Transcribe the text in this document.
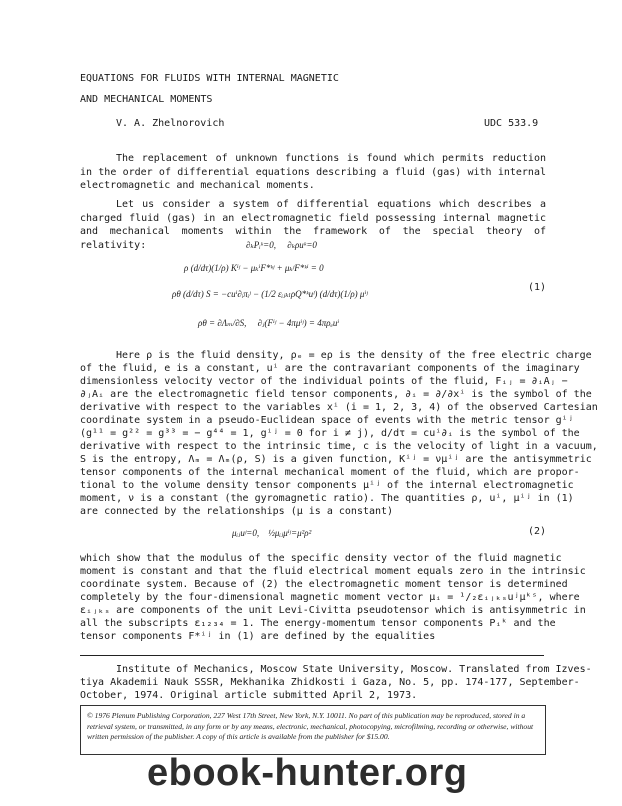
EQUATIONS FOR FLUIDS WITH INTERNAL MAGNETIC
AND MECHANICAL MOMENTS
V. A. Zhelnorovich	UDC 533.9
The replacement of unknown functions is found which permits reduction in the order of differential equations describing a fluid (gas) with internal electromagnetic and mechanical moments.
Let us consider a system of differential equations which describes a charged fluid (gas) in an electromagnetic field possessing internal magnetic and mechanical moments within the framework of the special theory of relativity:	∂ₖPᵢᵏ=0,     ∂ₖρuᵏ=0
ρ (d/dτ)(1/ρ) Kⁱʲ − μₖⁱF*ᵏʲ + μₖʲF*ᵏⁱ = 0
ρθ (d/dτ) S = −cuⁱ∂ᵢπᵢʲ − (1/2 εᵢⱼₖₗρQ*ᵏuˡ) (d/dτ)(1/ρ) μⁱʲ
ρθ = ∂Λₘ/∂S,     ∂ⱼ(Fⁱʲ − 4πμⁱʲ) = 4πρₑuⁱ
(1)
Here ρ is the fluid density, ρₑ = eρ is the density of the free electric charge
of the fluid, e is a constant, uⁱ are the contravariant components of the imaginary
dimensionless velocity vector of the individual points of the fluid, Fᵢⱼ = ∂ᵢAⱼ −
∂ⱼAᵢ are the electromagnetic field tensor components, ∂ᵢ = ∂/∂xⁱ is the symbol of the
derivative with respect to the variables xⁱ (i = 1, 2, 3, 4) of the observed Cartesian
coordinate system in a pseudo-Euclidean space of events with the metric tensor gⁱʲ
(g¹¹ = g²² = g³³ = − g⁴⁴ = 1, gⁱʲ = 0 for i ≠ j), d/dτ = cuⁱ∂ᵢ is the symbol of the
derivative with respect to the intrinsic time, c is the velocity of light in a vacuum,
S is the entropy, Λₘ = Λₘ(ρ, S) is a given function, Kⁱʲ = νμⁱʲ are the antisymmetric
tensor components of the internal mechanical moment of the fluid, which are propor-
tional to the volume density tensor components μⁱʲ of the internal electromagnetic
moment, ν is a constant (the gyromagnetic ratio). The quantities ρ, uⁱ, μⁱʲ in (1)
are connected by the relationships (μ is a constant)
μᵢⱼuʲ=0,    ½μᵢⱼμⁱʲ=μ²ρ²	(2)
which show that the modulus of the specific density vector of the fluid magnetic
moment is constant and that the fluid electrical moment equals zero in the intrinsic
coordinate system. Because of (2) the electromagnetic moment tensor is determined
completely by the four-dimensional magnetic moment vector μᵢ = ¹/₂εᵢⱼₖₛuʲμᵏˢ, where
εᵢⱼₖₛ are components of the unit Levi-Civitta pseudotensor which is antisymmetric in
all the subscripts ε₁₂₃₄ = 1. The energy-momentum tensor components Pᵢᵏ and the
tensor components F*ⁱʲ in (1) are defined by the equalities
Institute of Mechanics, Moscow State University, Moscow. Translated from Izves-
tiya Akademii Nauk SSSR, Mekhanika Zhidkosti i Gaza, No. 5, pp. 174-177, September-
October, 1974. Original article submitted April 2, 1973.
© 1976 Plenum Publishing Corporation, 227 West 17th Street, New York, N.Y. 10011. No part of this publication may be reproduced, stored in a retrieval system, or transmitted, in any form or by any means, electronic, mechanical, photocopying, microfilming, recording or otherwise, without written permission of the publisher. A copy of this article is available from the publisher for $15.00.
ebook-hunter.org
